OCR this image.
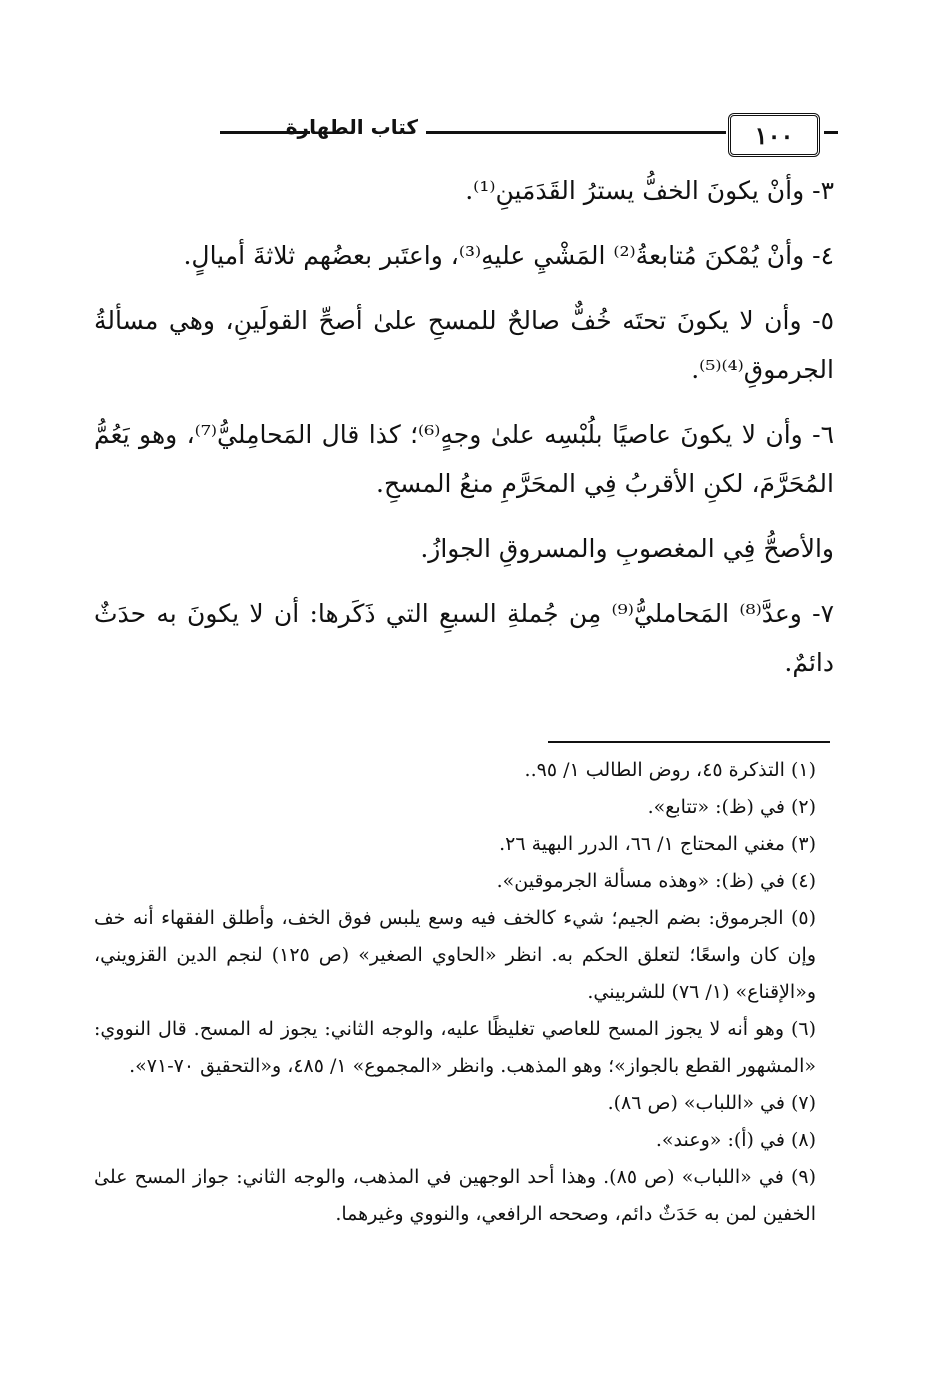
١٠٠
كتاب الطهارة

٣- وأنْ يكونَ الخفُّ يسترُ القَدَمَينِ⁽¹⁾.

٤- وأنْ يُمْكنَ مُتابعةُ⁽²⁾ المَشْيِ عليهِ⁽³⁾، واعتَبر بعضُهم ثلاثةَ أميالٍ.

٥- وأن لا يكونَ تحتَه خُفٌّ صالحٌ للمسحِ علىٰ أصحِّ القولَينِ، وهي مسألةُ الجرموقِ⁽⁴⁾⁽⁵⁾.

٦- وأن لا يكونَ عاصيًا بلُبْسِه علىٰ وجهٍ⁽⁶⁾؛ كذا قال المَحامِليُّ⁽⁷⁾، وهو يَعُمُّ المُحَرَّمَ، لكنِ الأقربُ فِي المحَرَّمِ منعُ المسحِ.

والأصحُّ فِي المغصوبِ والمسروقِ الجوازُ.

٧- وعدَّ⁽⁸⁾ المَحامليُّ⁽⁹⁾ مِن جُملةِ السبعِ التي ذَكَرها: أن لا يكونَ به حدَثٌ دائمٌ.

(١) التذكرة ٤٥، روض الطالب ١/ ٩٥..

(٢) في (ظ): «تتابع».

(٣) مغني المحتاج ١/ ٦٦، الدرر البهية ٢٦.

(٤) في (ظ): «وهذه مسألة الجرموقين».

(٥) الجرموق: بضم الجيم؛ شيء كالخف فيه وسع يلبس فوق الخف، وأطلق الفقهاء أنه خف وإن كان واسعًا؛ لتعلق الحكم به. انظر «الحاوي الصغير» (ص ١٢٥) لنجم الدين القزويني، و«الإقناع» (١/ ٧٦) للشربيني.

(٦) وهو أنه لا يجوز المسح للعاصي تغليظًا عليه، والوجه الثاني: يجوز له المسح. قال النووي: «المشهور القطع بالجواز»؛ وهو المذهب. وانظر «المجموع» ١/ ٤٨٥، و«التحقيق ٧٠-٧١».

(٧) في «اللباب» (ص ٨٦).

(٨) في (أ): «وعند».

(٩) في «اللباب» (ص ٨٥). وهذا أحد الوجهين في المذهب، والوجه الثاني: جواز المسح علىٰ الخفين لمن به حَدَثٌ دائم، وصححه الرافعي، والنووي وغيرهما.
